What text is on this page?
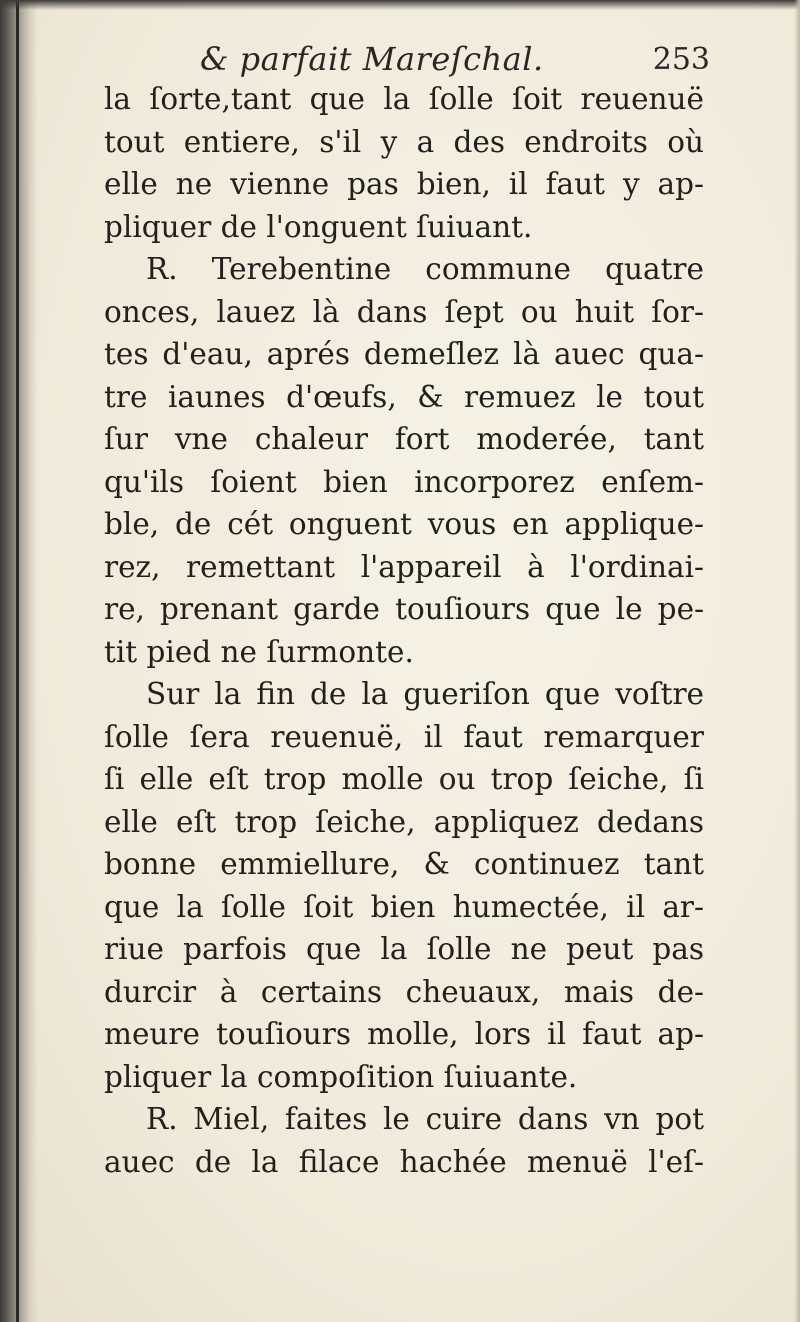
& parfait Mareſchal.	253
la ſorte,tant que la ſolle ſoit reuenuë
tout entiere, s'il y a des endroits où
elle ne vienne pas bien, il faut y ap-
pliquer de l'onguent ſuiuant.
R. Terebentine commune quatre
onces, lauez là dans ſept ou huit ſor-
tes d'eau, aprés demeſlez là auec qua-
tre iaunes d'œufs, & remuez le tout
ſur vne chaleur fort moderée, tant
qu'ils ſoient bien incorporez enſem-
ble, de cét onguent vous en applique-
rez, remettant l'appareil à l'ordinai-
re, prenant garde touſiours que le pe-
tit pied ne ſurmonte.
Sur la fin de la gueriſon que voſtre
ſolle ſera reuenuë, il faut remarquer
ſi elle eſt trop molle ou trop ſeiche, ſi
elle eſt trop ſeiche, appliquez dedans
bonne emmiellure, & continuez tant
que la ſolle ſoit bien humectée, il ar-
riue parfois que la ſolle ne peut pas
durcir à certains cheuaux, mais de-
meure touſiours molle, lors il faut ap-
pliquer la compoſition ſuiuante.
R. Miel, faites le cuire dans vn pot
auec de la filace hachée menuë l'eſ-
